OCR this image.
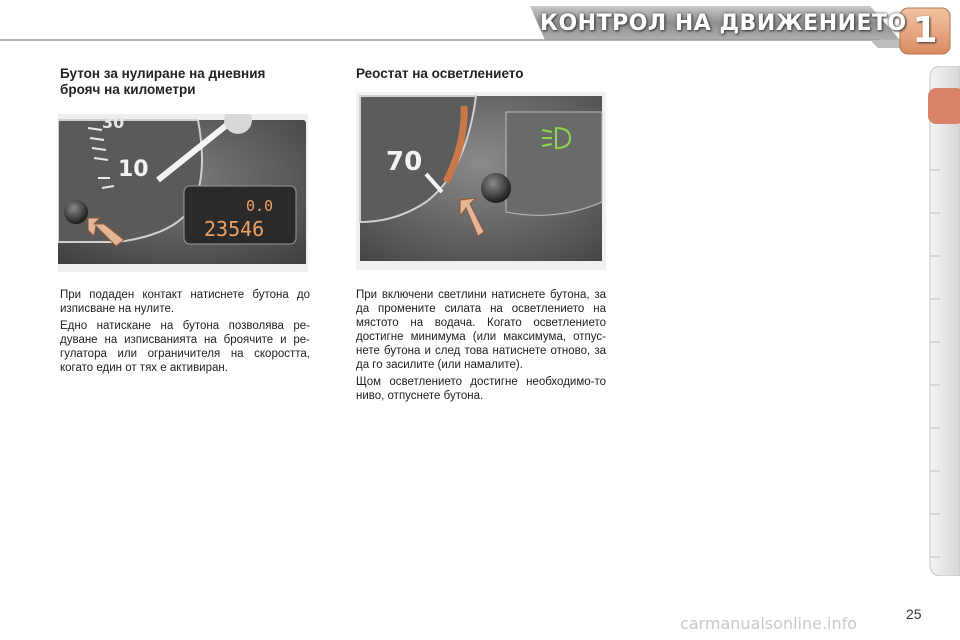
КОНТРОЛ НА ДВИЖЕНИЕТО 1
Бутон за нулиране на дневния
брояч на километри
30
10
0.0
23546

При подаден контакт натиснете бутона до изписване на нулите.

Едно натискане на бутона позволява ре-дуване на изписванията на броячите и ре-гулатора или ограничителя на скоростта, когато един от тях е активиран.

Реостат на осветлението
70

При включени светлини натиснете бутона, за да промените силата на осветлението на мястото на водача. Когато осветлението достигне минимума (или максимума, отпус-нете бутона и след това натиснете отново, за да го засилите (или намалите).

Щом осветлението достигне необходимо-то ниво, отпуснете бутона.

carmanualsonline.info	25
